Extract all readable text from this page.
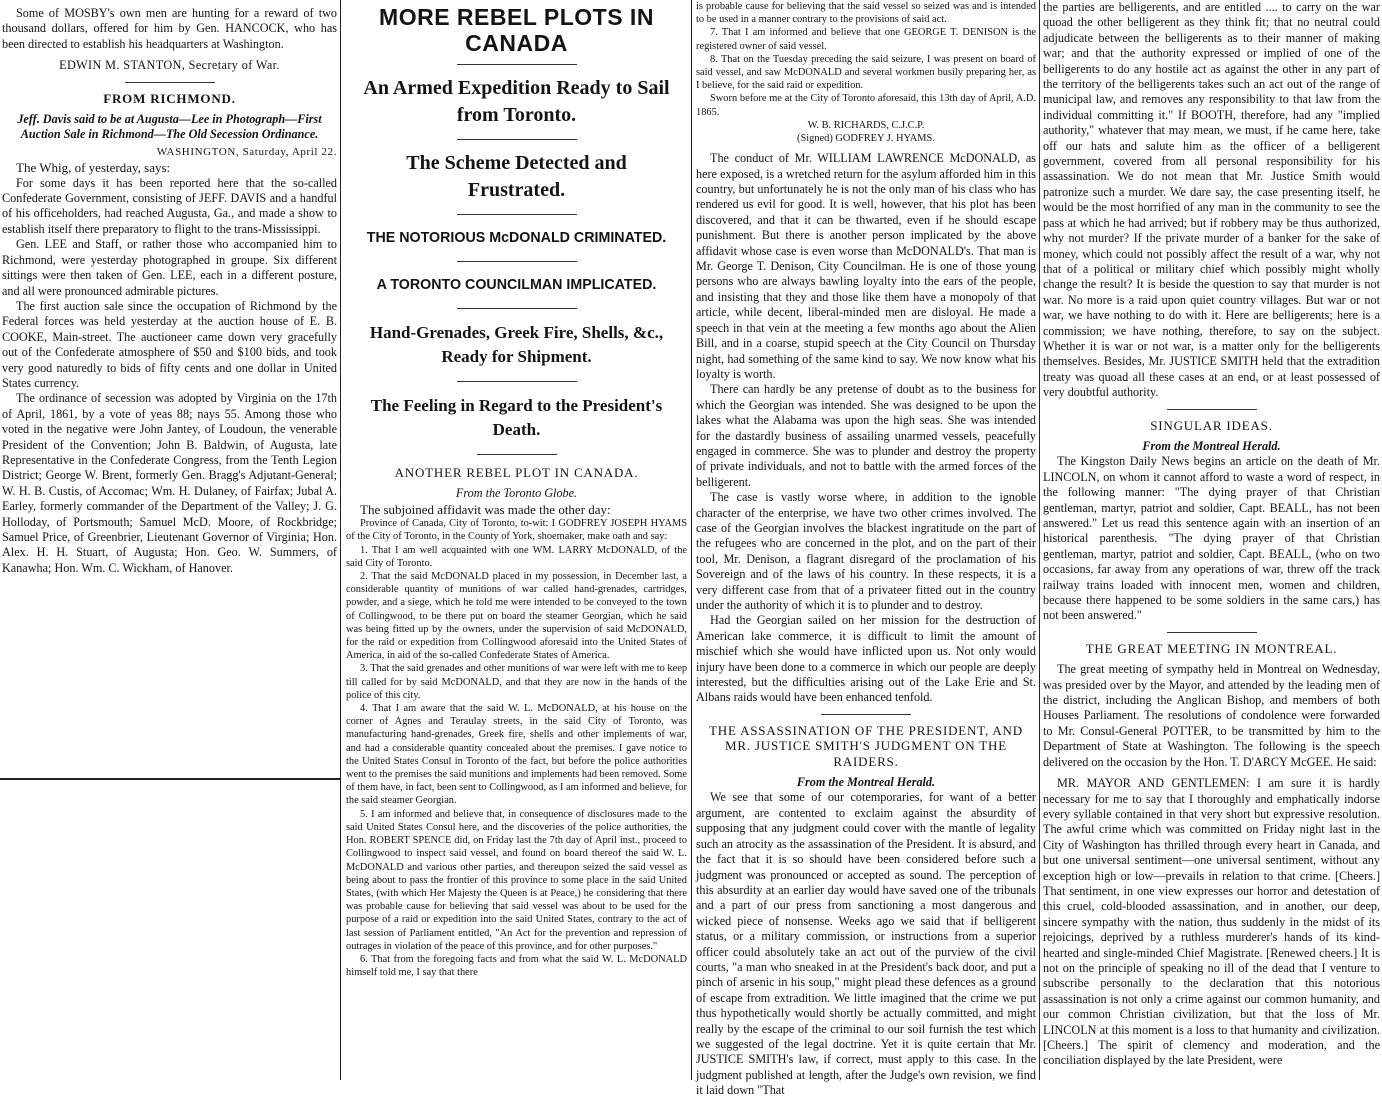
Some of MOSBY's own men are hunting for a reward of two thousand dollars, offered for him by Gen. HANCOCK, who has been directed to establish his headquarters at Washington.

EDWIN M. STANTON, Secretary of War.

FROM RICHMOND.

Jeff. Davis said to be at Augusta—Lee in Photograph—First Auction Sale in Richmond—The Old Secession Ordinance.

WASHINGTON, Saturday, April 22.

The Whig, of yesterday, says:

For some days it has been reported here that the so-called Confederate Government, consisting of JEFF. DAVIS and a handful of his officeholders, had reached Augusta, Ga., and made a show to establish itself there preparatory to flight to the trans-Mississippi.

Gen. LEE and Staff, or rather those who accompanied him to Richmond, were yesterday photographed in groupe. Six different sittings were then taken of Gen. LEE, each in a different posture, and all were pronounced admirable pictures.

The first auction sale since the occupation of Richmond by the Federal forces was held yesterday at the auction house of E. B. COOKE, Main-street. The auctioneer came down very gracefully out of the Confederate atmosphere of $50 and $100 bids, and took very good naturedly to bids of fifty cents and one dollar in United States currency.

The ordinance of secession was adopted by Virginia on the 17th of April, 1861, by a vote of yeas 88; nays 55. Among those who voted in the negative were John Jantey, of Loudoun, the venerable President of the Convention; John B. Baldwin, of Augusta, late Representative in the Confederate Congress, from the Tenth Legion District; George W. Brent, formerly Gen. Bragg's Adjutant-General; W. H. B. Custis, of Accomac; Wm. H. Dulaney, of Fairfax; Jubal A. Earley, formerly commander of the Department of the Valley; J. G. Holloday, of Portsmouth; Samuel McD. Moore, of Rockbridge; Samuel Price, of Greenbrier, Lieutenant Governor of Virginia; Hon. Alex. H. H. Stuart, of Augusta; Hon. Geo. W. Summers, of Kanawha; Hon. Wm. C. Wickham, of Hanover.

MORE REBEL PLOTS IN CANADA

An Armed Expedition Ready to Sail from Toronto.

The Scheme Detected and Frustrated.

THE NOTORIOUS McDONALD CRIMINATED.

A TORONTO COUNCILMAN IMPLICATED.

Hand-Grenades, Greek Fire, Shells, &c., Ready for Shipment.

The Feeling in Regard to the President's Death.

ANOTHER REBEL PLOT IN CANADA.

From the Toronto Globe.

The subjoined affidavit was made the other day:

Province of Canada, City of Toronto, to-wit: I GODFREY JOSEPH HYAMS of the City of Toronto, in the County of York, shoemaker, make oath and say:

1. That I am well acquainted with one WM. LARRY McDONALD, of the said City of Toronto.

2. That the said McDONALD placed in my possession, in December last, a considerable quantity of munitions of war called hand-grenades, cartridges, powder, and a siege, which he told me were intended to be conveyed to the town of Collingwood, to be there put on board the steamer Georgian, which he said was being fitted up by the owners, under the supervision of said McDONALD, for the raid or expedition from Collingwood aforesaid into the United States of America, in aid of the so-called Confederate States of America.

3. That the said grenades and other munitions of war were left with me to keep till called for by said McDONALD, and that they are now in the hands of the police of this city.

4. That I am aware that the said W. L. McDONALD, at his house on the corner of Agnes and Teraulay streets, in the said City of Toronto, was manufacturing hand-grenades, Greek fire, shells and other implements of war, and had a considerable quantity concealed about the premises. I gave notice to the United States Consul in Toronto of the fact, but before the police authorities went to the premises the said munitions and implements had been removed. Some of them have, in fact, been sent to Collingwood, as I am informed and believe, for the said steamer Georgian.

5. I am informed and believe that, in consequence of disclosures made to the said United States Consul here, and the discoveries of the police authorities, the Hon. ROBERT SPENCE did, on Friday last the 7th day of April inst., proceed to Collingwood to inspect said vessel, and found on board thereof the said W. L. McDONALD and various other parties, and thereupon seized the said vessel as being about to pass the frontier of this province to some place in the said United States, (with which Her Majesty the Queen is at Peace,) he considering that there was probable cause for believing that said vessel was about to be used for the purpose of a raid or expedition into the said United States, contrary to the act of last session of Parliament entitled, "An Act for the prevention and repression of outrages in violation of the peace of this province, and for other purposes."

6. That from the foregoing facts and from what the said W. L. McDONALD himself told me, I say that there

is probable cause for believing that the said vessel so seized was and is intended to be used in a manner contrary to the provisions of said act.

7. That I am informed and believe that one GEORGE T. DENISON is the registered owner of said vessel.

8. That on the Tuesday preceding the said seizure, I was present on board of said vessel, and saw McDONALD and several workmen busily preparing her, as I believe, for the said raid or expedition.

Sworn before me at the City of Toronto aforesaid, this 13th day of April, A.D. 1865.

W. B. RICHARDS, C.J.C.P.

(Signed) GODFREY J. HYAMS.

The conduct of Mr. WILLIAM LAWRENCE McDONALD, as here exposed, is a wretched return for the asylum afforded him in this country, but unfortunately he is not the only man of his class who has rendered us evil for good. It is well, however, that his plot has been discovered, and that it can be thwarted, even if he should escape punishment. But there is another person implicated by the above affidavit whose case is even worse than McDONALD's. That man is Mr. George T. Denison, City Councilman. He is one of those young persons who are always bawling loyalty into the ears of the people, and insisting that they and those like them have a monopoly of that article, while decent, liberal-minded men are disloyal. He made a speech in that vein at the meeting a few months ago about the Alien Bill, and in a coarse, stupid speech at the City Council on Thursday night, had something of the same kind to say. We now know what his loyalty is worth.

There can hardly be any pretense of doubt as to the business for which the Georgian was intended. She was designed to be upon the lakes what the Alabama was upon the high seas. She was intended for the dastardly business of assailing unarmed vessels, peacefully engaged in commerce. She was to plunder and destroy the property of private individuals, and not to battle with the armed forces of the belligerent.

The case is vastly worse where, in addition to the ignoble character of the enterprise, we have two other crimes involved. The case of the Georgian involves the blackest ingratitude on the part of the refugees who are concerned in the plot, and on the part of their tool, Mr. Denison, a flagrant disregard of the proclamation of his Sovereign and of the laws of his country. In these respects, it is a very different case from that of a privateer fitted out in the country under the authority of which it is to plunder and to destroy.

Had the Georgian sailed on her mission for the destruction of American lake commerce, it is difficult to limit the amount of mischief which she would have inflicted upon us. Not only would injury have been done to a commerce in which our people are deeply interested, but the difficulties arising out of the Lake Erie and St. Albans raids would have been enhanced tenfold.

THE ASSASSINATION OF THE PRESIDENT, AND MR. JUSTICE SMITH'S JUDGMENT ON THE RAIDERS.

From the Montreal Herald.

We see that some of our cotemporaries, for want of a better argument, are contented to exclaim against the absurdity of supposing that any judgment could cover with the mantle of legality such an atrocity as the assassination of the President. It is absurd, and the fact that it is so should have been considered before such a judgment was pronounced or accepted as sound. The perception of this absurdity at an earlier day would have saved one of the tribunals and a part of our press from sanctioning a most dangerous and wicked piece of nonsense. Weeks ago we said that if belligerent status, or a military commission, or instructions from a superior officer could absolutely take an act out of the purview of the civil courts, "a man who sneaked in at the President's back door, and put a pinch of arsenic in his soup," might plead these defences as a ground of escape from extradition. We little imagined that the crime we put thus hypothetically would shortly be actually committed, and might really by the escape of the criminal to our soil furnish the test which we suggested of the legal doctrine. Yet it is quite certain that Mr. JUSTICE SMITH's law, if correct, must apply to this case. In the judgment published at length, after the Judge's own revision, we find it laid down "That

the parties are belligerents, and are entitled .... to carry on the war quoad the other belligerent as they think fit; that no neutral could adjudicate between the belligerents as to their manner of making war; and that the authority expressed or implied of one of the belligerents to do any hostile act as against the other in any part of the territory of the belligerents takes such an act out of the range of municipal law, and removes any responsibility to that law from the individual committing it." If BOOTH, therefore, had any "implied authority," whatever that may mean, we must, if he came here, take off our hats and salute him as the officer of a belligerent government, covered from all personal responsibility for his assassination. We do not mean that Mr. Justice Smith would patronize such a murder. We dare say, the case presenting itself, he would be the most horrified of any man in the community to see the pass at which he had arrived; but if robbery may be thus authorized, why not murder? If the private murder of a banker for the sake of money, which could not possibly affect the result of a war, why not that of a political or military chief which possibly might wholly change the result? It is beside the question to say that murder is not war. No more is a raid upon quiet country villages. But war or not war, we have nothing to do with it. Here are belligerents; here is a commission; we have nothing, therefore, to say on the subject. Whether it is war or not war, is a matter only for the belligerents themselves. Besides, Mr. JUSTICE SMITH held that the extradition treaty was quoad all these cases at an end, or at least possessed of very doubtful authority.

SINGULAR IDEAS.

From the Montreal Herald.

The Kingston Daily News begins an article on the death of Mr. LINCOLN, on whom it cannot afford to waste a word of respect, in the following manner: "The dying prayer of that Christian gentleman, martyr, patriot and soldier, Capt. BEALL, has not been answered." Let us read this sentence again with an insertion of an historical parenthesis. "The dying prayer of that Christian gentleman, martyr, patriot and soldier, Capt. BEALL, (who on two occasions, far away from any operations of war, threw off the track railway trains loaded with innocent men, women and children, because there happened to be some soldiers in the same cars,) has not been answered."

THE GREAT MEETING IN MONTREAL.

The great meeting of sympathy held in Montreal on Wednesday, was presided over by the Mayor, and attended by the leading men of the district, including the Anglican Bishop, and members of both Houses Parliament. The resolutions of condolence were forwarded to Mr. Consul-General POTTER, to be transmitted by him to the Department of State at Washington. The following is the speech delivered on the occasion by the Hon. T. D'ARCY McGEE. He said:

MR. MAYOR AND GENTLEMEN: I am sure it is hardly necessary for me to say that I thoroughly and emphatically indorse every syllable contained in that very short but expressive resolution. The awful crime which was committed on Friday night last in the City of Washington has thrilled through every heart in Canada, and but one universal sentiment—one universal sentiment, without any exception high or low—prevails in relation to that crime. [Cheers.] That sentiment, in one view expresses our horror and detestation of this cruel, cold-blooded assassination, and in another, our deep, sincere sympathy with the nation, thus suddenly in the midst of its rejoicings, deprived by a ruthless murderer's hands of its kind-hearted and single-minded Chief Magistrate. [Renewed cheers.] It is not on the principle of speaking no ill of the dead that I venture to subscribe personally to the declaration that this notorious assassination is not only a crime against our common humanity, and our common Christian civilization, but that the loss of Mr. LINCOLN at this moment is a loss to that humanity and civilization. [Cheers.] The spirit of clemency and moderation, and the conciliation displayed by the late President, were
